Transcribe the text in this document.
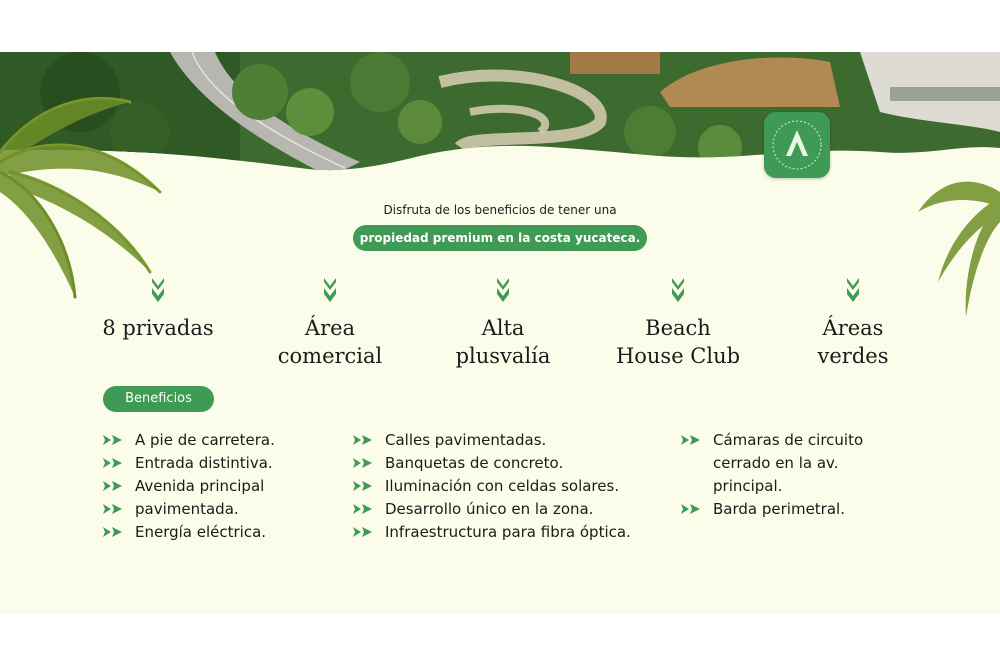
Disfruta de los beneficios de tener una
propiedad premium en la costa yucateca.
8 privadas	Área
comercial
Alta
plusvalía
Beach
House Club
Áreas
verdes
Beneficios
A pie de carretera.
Entrada distintiva.
Avenida principal
pavimentada.
Energía eléctrica.
Calles pavimentadas.
Banquetas de concreto.
Iluminación con celdas solares.
Desarrollo único en la zona.
Infraestructura para fibra óptica.
Cámaras de circuito
cerrado en la av.
principal.
Barda perimetral.
